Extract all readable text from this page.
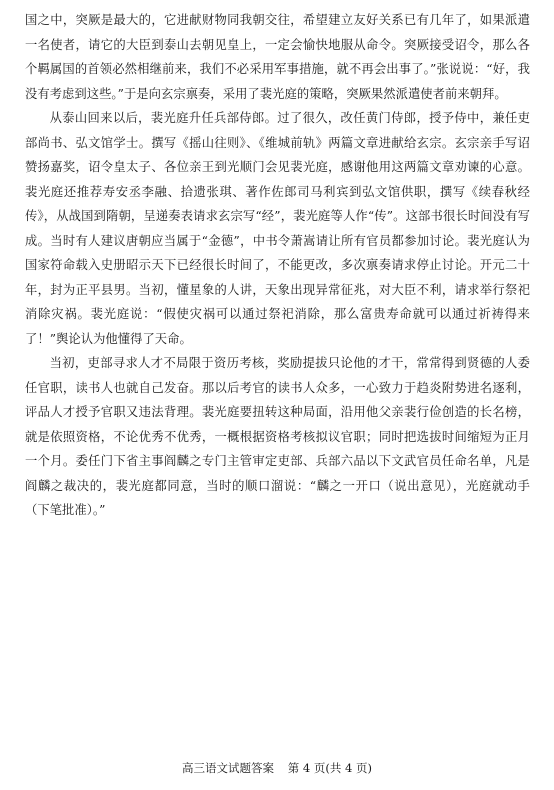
国之中，突厥是最大的，它进献财物同我朝交往，希望建立友好关系已有几年了，如果派遣一名使者，请它的大臣到泰山去朝见皇上，一定会愉快地服从命令。突厥接受诏令，那么各个羁属国的首领必然相继前来，我们不必采用军事措施，就不再会出事了。”张说说：“好，我没有考虑到这些。”于是向玄宗禀奏，采用了裴光庭的策略，突厥果然派遣使者前来朝拜。

从泰山回来以后，裴光庭升任兵部侍郎。过了很久，改任黄门侍郎，授予侍中，兼任吏部尚书、弘文馆学士。撰写《摇山往则》、《维城前轨》两篇文章进献给玄宗。玄宗亲手写诏赞扬嘉奖，诏令皇太子、各位亲王到光顺门会见裴光庭，感谢他用这两篇文章劝谏的心意。裴光庭还推荐寿安丞李融、拾遗张琪、著作佐郎司马利宾到弘文馆供职，撰写《续春秋经传》，从战国到隋朝，呈递奏表请求玄宗写“经”，裴光庭等人作“传”。这部书很长时间没有写成。当时有人建议唐朝应当属于“金德”，中书令萧嵩请让所有官员都参加讨论。裴光庭认为国家符命载入史册昭示天下已经很长时间了，不能更改，多次禀奏请求停止讨论。开元二十年，封为正平县男。当初，懂星象的人讲，天象出现异常征兆，对大臣不利，请求举行祭祀消除灾祸。裴光庭说：“假使灾祸可以通过祭祀消除，那么富贵寿命就可以通过祈祷得来了！”舆论认为他懂得了天命。

当初，吏部寻求人才不局限于资历考核，奖励提拔只论他的才干，常常得到贤德的人委任官职，读书人也就自己发奋。那以后考官的读书人众多，一心致力于趋炎附势进名逐利，评品人才授予官职又违法背理。裴光庭要扭转这种局面，沿用他父亲裴行俭创造的长名榜，就是依照资格，不论优秀不优秀，一概根据资格考核拟议官职；同时把选拔时间缩短为正月一个月。委任门下省主事阎麟之专门主管审定吏部、兵部六品以下文武官员任命名单，凡是阎麟之裁决的，裴光庭都同意，当时的顺口溜说：“麟之一开口（说出意见），光庭就动手（下笔批准）。”

高三语文试题答案 第 4 页(共 4 页)
